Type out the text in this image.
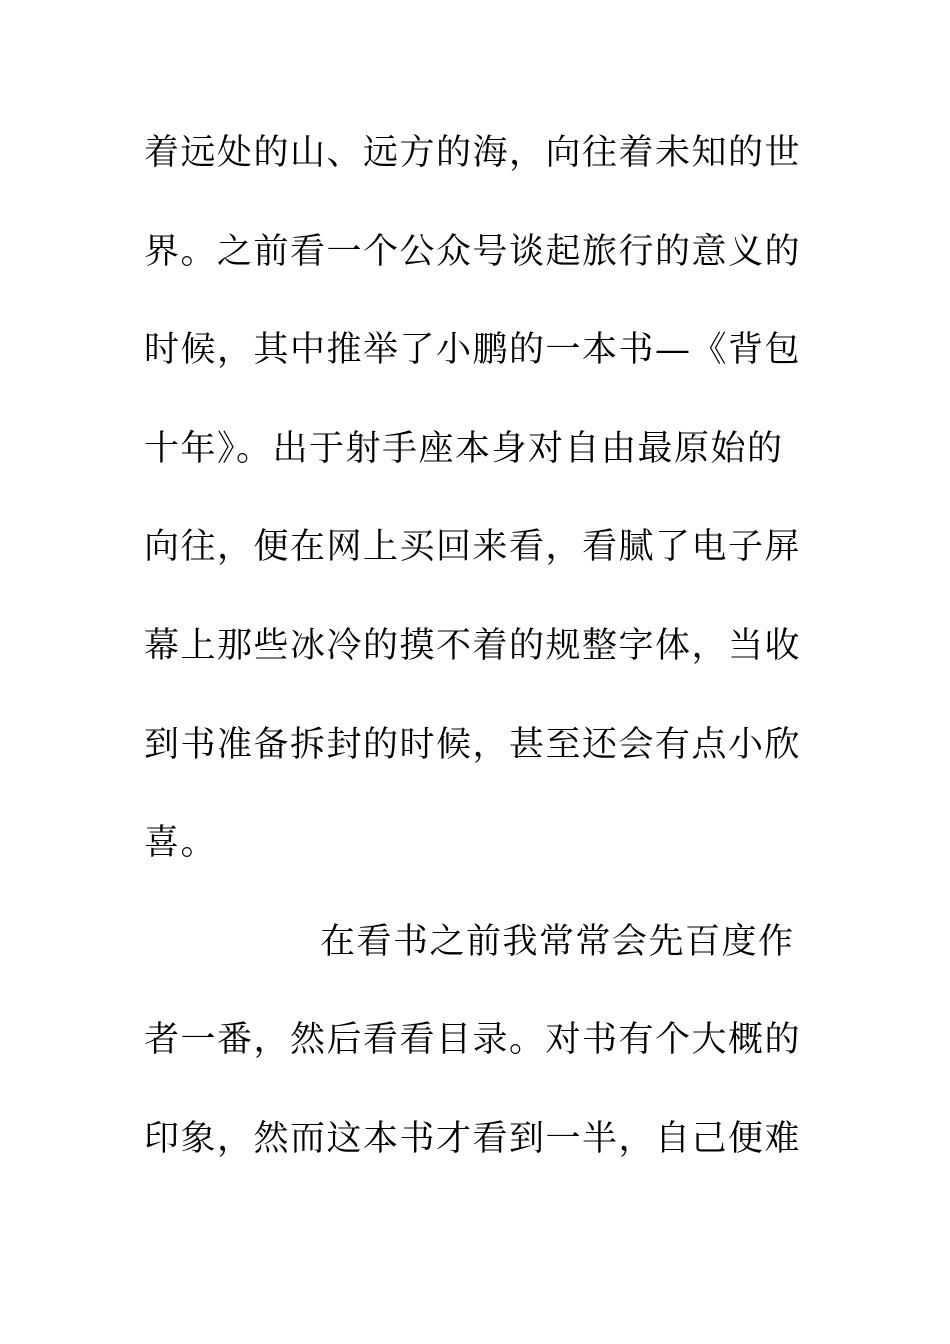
着远处的山、远方的海，向往着未知的世
界。之前看一个公众号谈起旅行的意义的
时候，其中推举了小鹏的一本书—《背包
十年》。出于射手座本身对自由最原始的
向往，便在网上买回来看，看腻了电子屏
幕上那些冰冷的摸不着的规整字体，当收
到书准备拆封的时候，甚至还会有点小欣
喜。
在看书之前我常常会先百度作
者一番，然后看看目录。对书有个大概的
印象，然而这本书才看到一半，自己便难
